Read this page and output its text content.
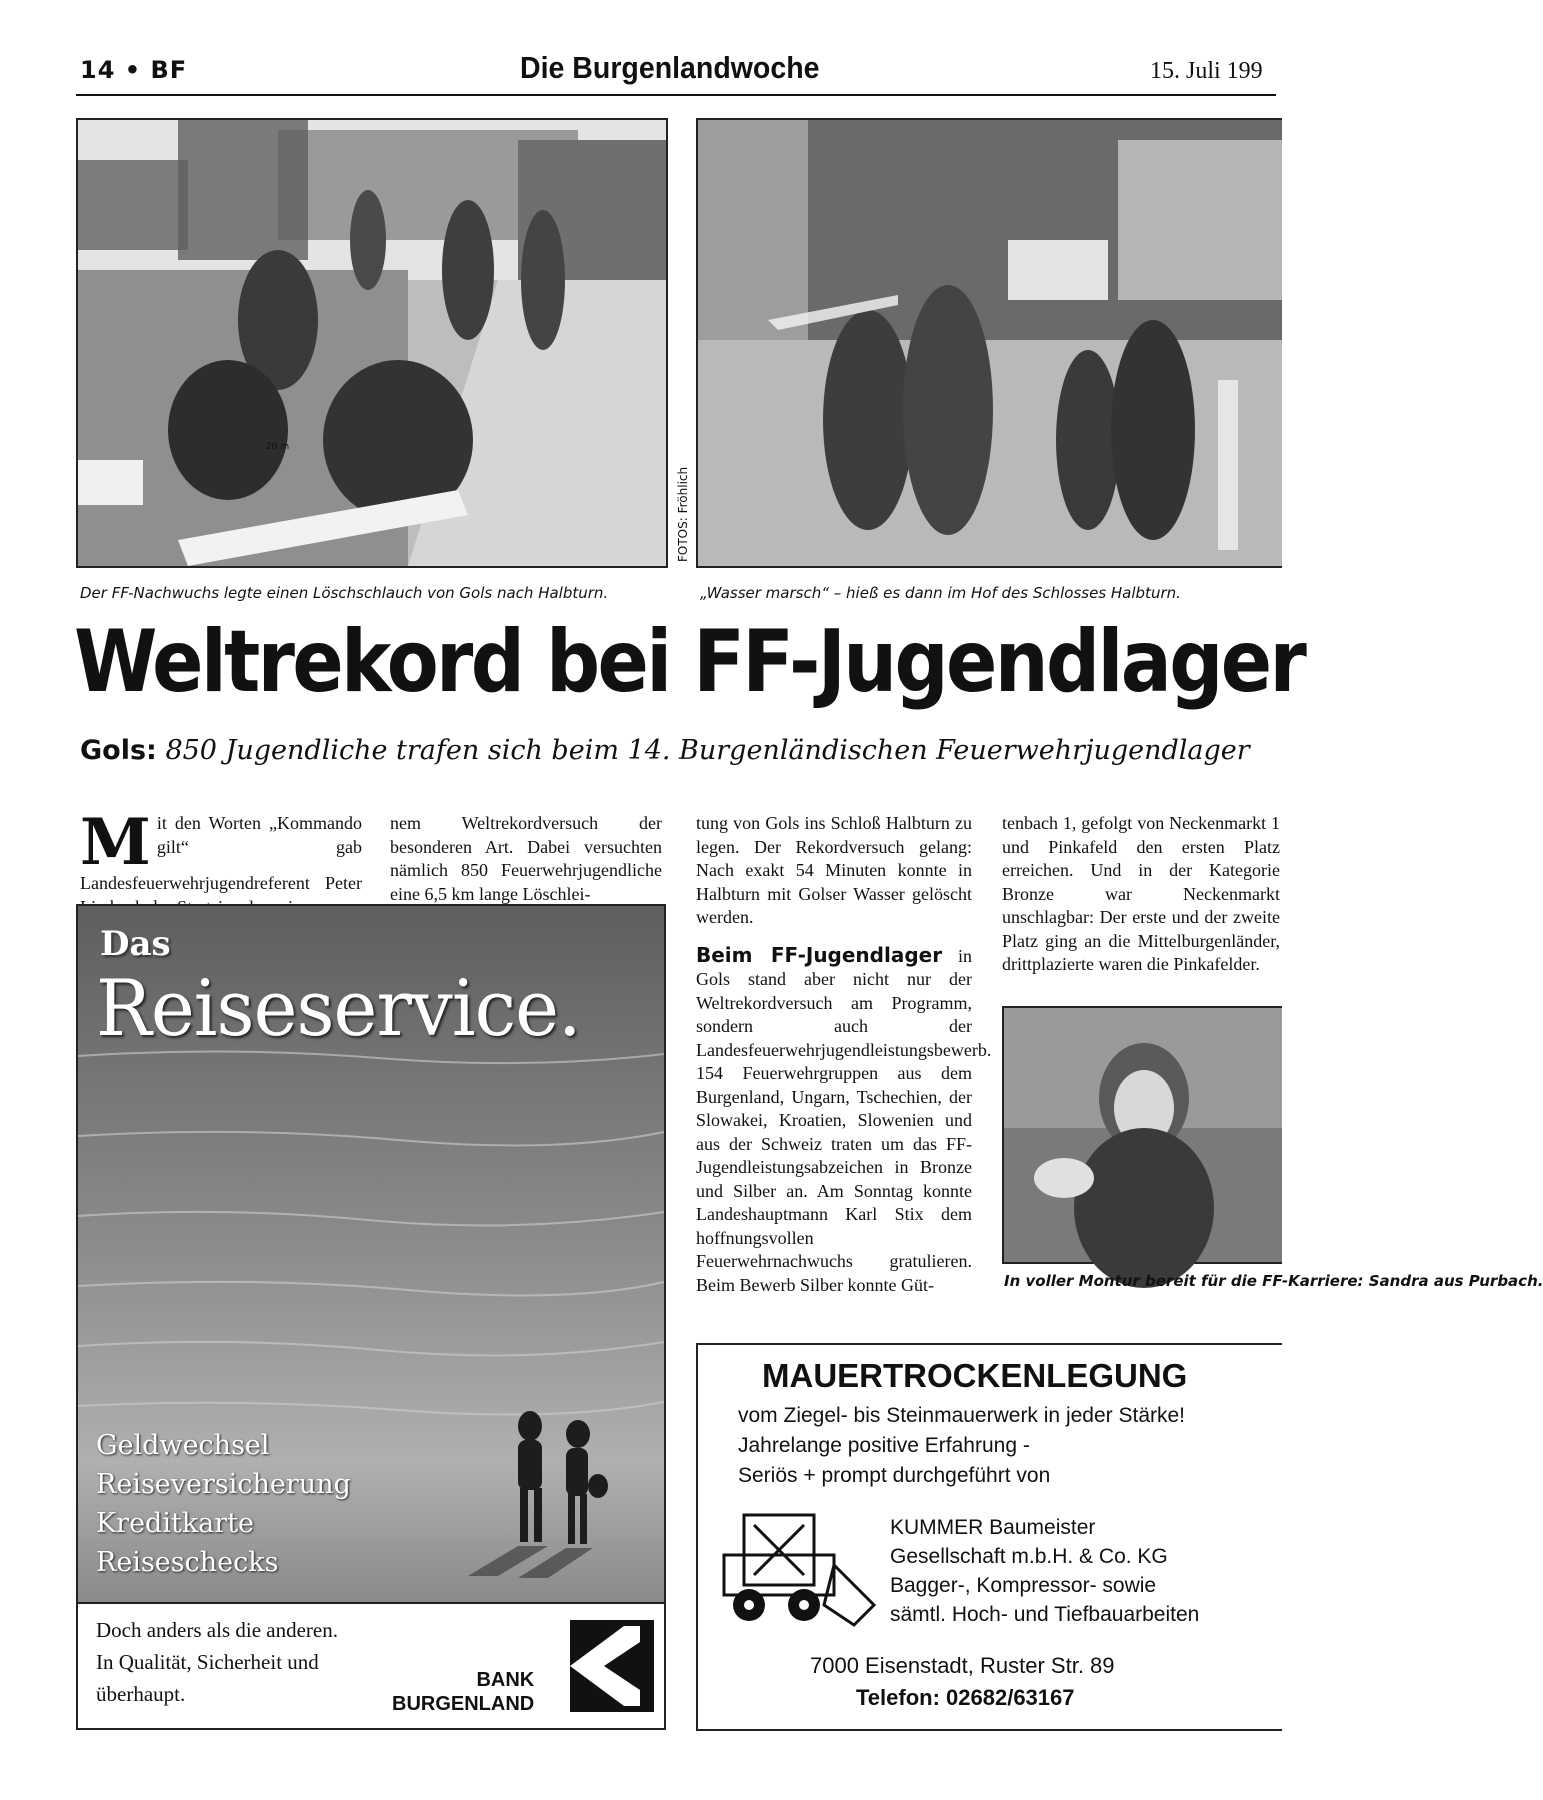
14 • BF	Die Burgenlandwoche	15. Juli 199
20 m
FOTOS: Fröhlich
Der FF-Nachwuchs legte einen Löschschlauch von Gols nach Halbturn.	„Wasser marsch“ – hieß es dann im Hof des Schlosses Halbturn.
Weltrekord bei FF-Jugendlager
Gols: 850 Jugendliche trafen sich beim 14. Burgenländischen Feuerwehrjugendlager
Mit den Worten „Kommando gilt“ gab Landesfeuerwehrjugendreferent Peter
nem Weltrekordversuch der besonderen Art. Dabei versuchten nämlich 850 Feuerwehrjugendliche eine 6,5 km lange Löschlei-
tung von Gols ins Schloß Halbturn zu legen. Der Rekordversuch gelang: Nach exakt 54 Minuten konnte in Halbturn mit Golser Wasser gelöscht werden.
Beim FF-Jugendlager in Gols stand aber nicht nur der Weltrekordversuch am Programm, sondern auch der Landesfeuerwehrjugendleistungsbewerb. 154 Feuerwehrgruppen aus dem Burgenland, Ungarn, Tschechien, der Slowakei, Kroatien, Slowenien und aus der Schweiz traten um das FF-Jugendleistungsabzeichen in Bronze und Silber an. Am Sonntag konnte Landeshauptmann Karl Stix dem hoffnungsvollen Feuerwehrnachwuchs gratulieren. Beim Bewerb Silber konnte Güt-
tenbach 1, gefolgt von Neckenmarkt 1 und Pinkafeld den ersten Platz erreichen. Und in der Kategorie Bronze war Neckenmarkt unschlagbar: Der erste und der zweite Platz ging an die Mittelburgenländer, drittplazierte waren die Pinkafelder.
In voller Montur bereit für die FF-Karriere: Sandra aus Purbach.
Das
Reiseservice.
Geldwechsel
Reiseversicherung
Kreditkarte
Reiseschecks
Doch anders als die anderen.
In Qualität, Sicherheit und
überhaupt.
BANK
BURGENLAND
MAUERTROCKENLEGUNG
vom Ziegel- bis Steinmauerwerk in jeder Stärke!
Jahrelange positive Erfahrung -
Seriös + prompt durchgeführt von
KUMMER Baumeister
Gesellschaft m.b.H. & Co. KG
Bagger-, Kompressor- sowie
sämtl. Hoch- und Tiefbauarbeiten
7000 Eisenstadt, Ruster Str. 89
Telefon: 02682/63167
